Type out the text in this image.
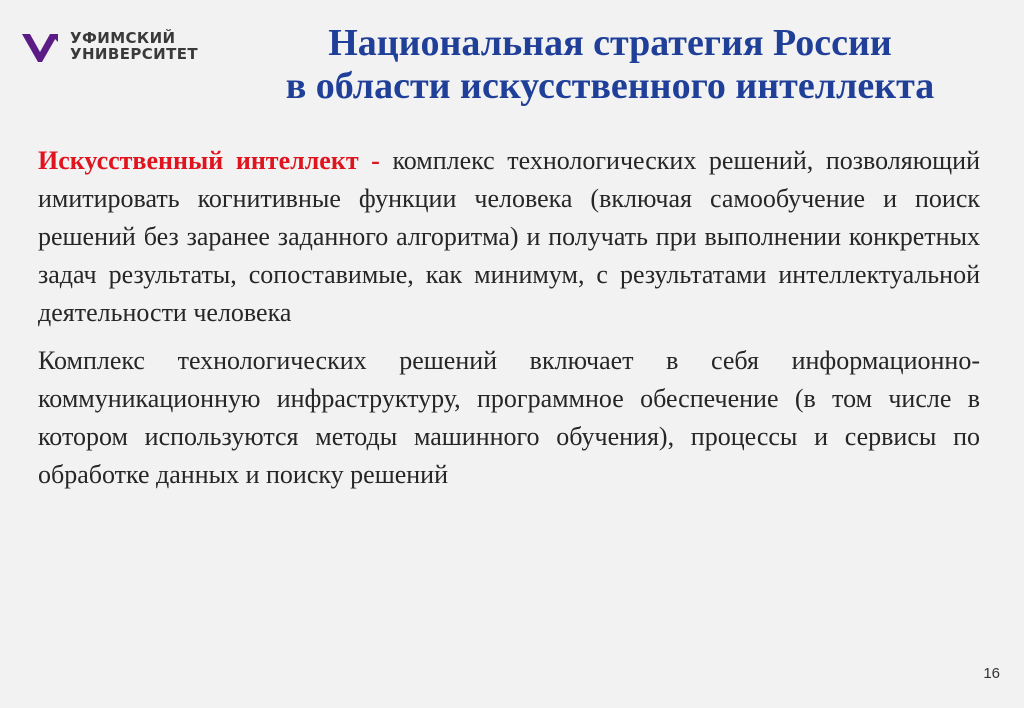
УФИМСКИЙ
УНИВЕРСИТЕТ	Национальная стратегия России
в области искусственного интеллекта

Искусственный интеллект - комплекс технологических решений, позволяющий имитировать когнитивные функции человека (включая самообучение и поиск решений без заранее заданного алгоритма) и получать при выполнении конкретных задач результаты, сопоставимые, как минимум, с результатами интеллектуальной деятельности человека

Комплекс технологических решений включает в себя информационно-коммуникационную инфраструктуру, программное обеспечение (в том числе в котором используются методы машинного обучения), процессы и сервисы по обработке данных и поиску решений

16
